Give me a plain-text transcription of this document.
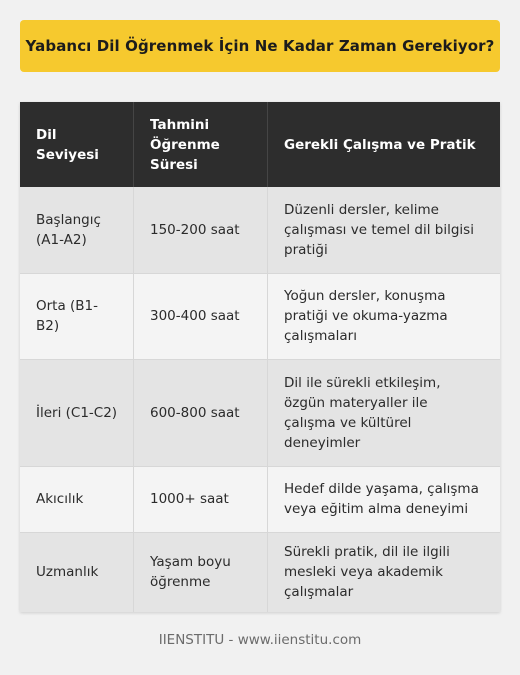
Yabancı Dil Öğrenmek İçin Ne Kadar Zaman Gerekiyor?
Dil
Seviyesi
Tahmini
Öğrenme
Süresi
Gerekli Çalışma ve Pratik
Başlangıç
(A1-A2)
150-200 saat
Düzenli dersler, kelime
çalışması ve temel dil bilgisi
pratiği
Orta (B1-
B2)
300-400 saat
Yoğun dersler, konuşma
pratiği ve okuma-yazma
çalışmaları
İleri (C1-C2)	600-800 saat
Dil ile sürekli etkileşim,
özgün materyaller ile
çalışma ve kültürel
deneyimler
Akıcılık	1000+ saat
Hedef dilde yaşama, çalışma
veya eğitim alma deneyimi
Uzmanlık
Yaşam boyu
öğrenme
Sürekli pratik, dil ile ilgili
mesleki veya akademik
çalışmalar
IIENSTITU - www.iienstitu.com
